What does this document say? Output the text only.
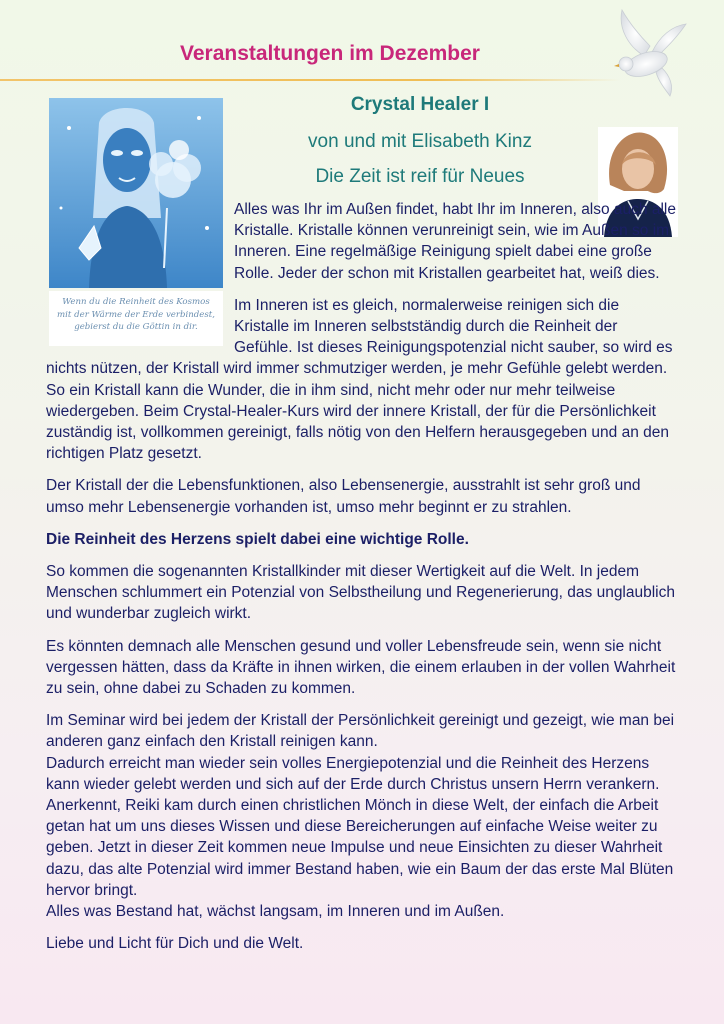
Veranstaltungen im Dezember
Wenn du die Reinheit des Kosmos
mit der Wärme der Erde verbindest,
gebierst du die Göttin in dir.
Crystal Healer I
von und mit Elisabeth Kinz
Die Zeit ist reif für Neues

Alles was Ihr im Außen findet, habt Ihr im Inneren, also auch alle Kristalle. Kristalle können verunreinigt sein, wie im Außen so im Inneren. Eine regelmäßige Reinigung spielt dabei eine große Rolle. Jeder der schon mit Kristallen gearbeitet hat, weiß dies.

Im Inneren ist es gleich, normalerweise reinigen sich die Kristalle im Inneren selbstständig durch die Reinheit der Gefühle. Ist dieses Reinigungspotenzial nicht sauber, so wird es nichts nützen, der Kristall wird immer schmutziger werden, je mehr Gefühle gelebt werden. So ein Kristall kann die Wunder, die in ihm sind, nicht mehr oder nur mehr teilweise wiedergeben. Beim Crystal-Healer-Kurs wird der innere Kristall, der für die Persönlichkeit zuständig ist, vollkommen gereinigt, falls nötig von den Helfern herausgegeben und an den richtigen Platz gesetzt.

Der Kristall der die Lebensfunktionen, also Lebensenergie, ausstrahlt ist sehr groß und umso mehr Lebensenergie vorhanden ist, umso mehr beginnt er zu strahlen.

Die Reinheit des Herzens spielt dabei eine wichtige Rolle.

So kommen die sogenannten Kristallkinder mit dieser Wertigkeit auf die Welt. In jedem Menschen schlummert ein Potenzial von Selbstheilung und Regenerierung, das unglaublich und wunderbar zugleich wirkt.

Es könnten demnach alle Menschen gesund und voller Lebensfreude sein, wenn sie nicht vergessen hätten, dass da Kräfte in ihnen wirken, die einem erlauben in der vollen Wahrheit zu sein, ohne dabei zu Schaden zu kommen.

Im Seminar wird bei jedem der Kristall der Persönlichkeit gereinigt und gezeigt, wie man bei anderen ganz einfach den Kristall reinigen kann.

Dadurch erreicht man wieder sein volles Energiepotenzial und die Reinheit des Herzens kann wieder gelebt werden und sich auf der Erde durch Christus unsern Herrn verankern.

Anerkennt, Reiki kam durch einen christlichen Mönch in diese Welt, der einfach die Arbeit getan hat um uns dieses Wissen und diese Bereicherungen auf einfache Weise weiter zu geben. Jetzt in dieser Zeit kommen neue Impulse und neue Einsichten zu dieser Wahrheit dazu, das alte Potenzial wird immer Bestand haben, wie ein Baum der das erste Mal Blüten hervor bringt.

Alles was Bestand hat, wächst langsam, im Inneren und im Außen.

Liebe und Licht für Dich und die Welt.
